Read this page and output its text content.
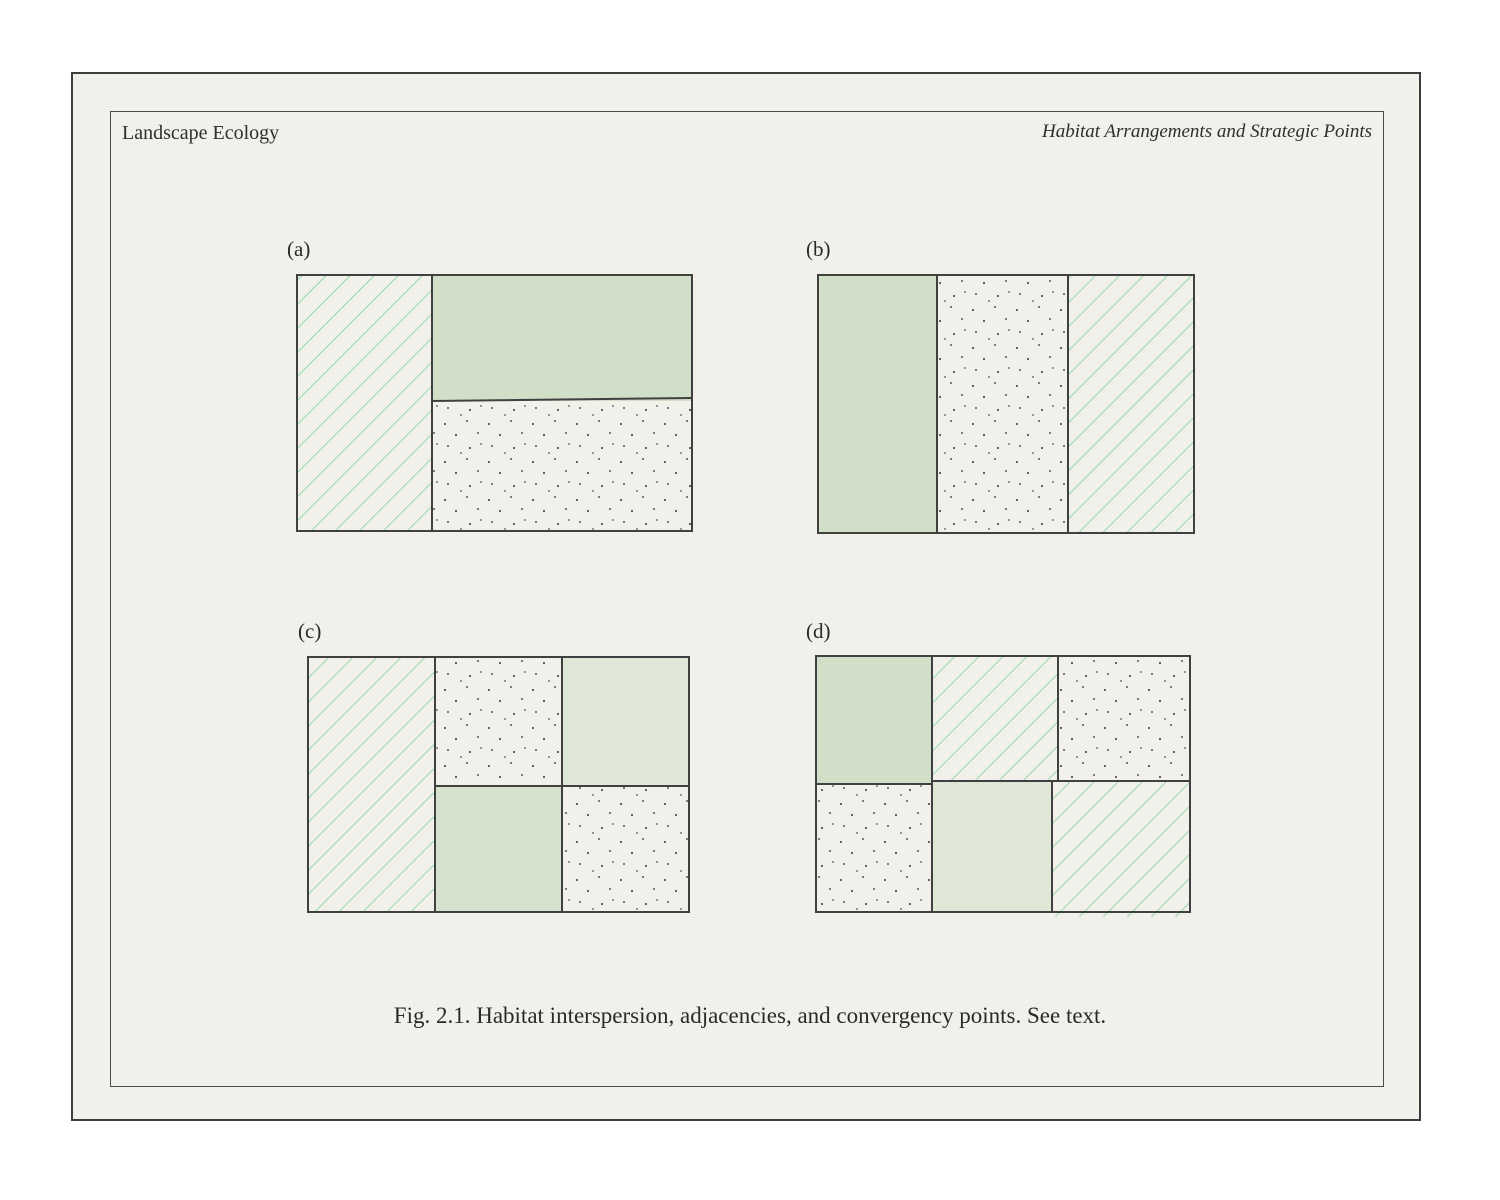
Landscape Ecology	Habitat Arrangements and Strategic Points
(a)	(b)
(c)	(d)
Fig. 2.1. Habitat interspersion, adjacencies, and convergency points. See text.
